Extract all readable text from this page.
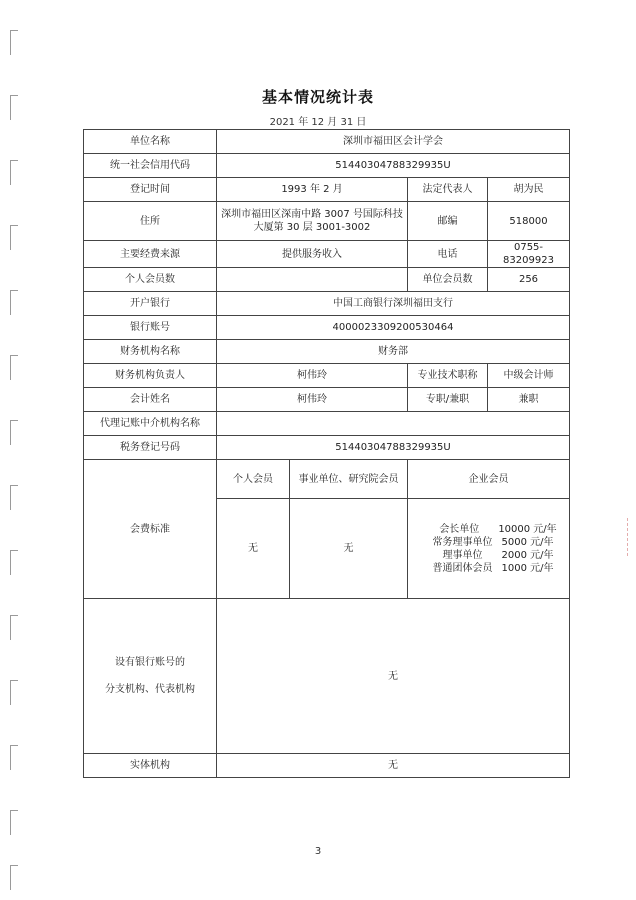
基本情况统计表
2021 年 12 月 31 日
单位名称	深圳市福田区会计学会			
统一社会信用代码	51440304788329935U			
登记时间	1993 年 2 月		法定代表人	胡为民
住所	深圳市福田区深南中路 3007 号国际科技大厦第 30 层 3001-3002		邮编	518000
主要经费来源	提供服务收入		电话	0755-83209923
个人会员数			单位会员数	256
开户银行	中国工商银行深圳福田支行			
银行账号	4000023309200530464			
财务机构名称	财务部			
财务机构负责人	柯伟玲		专业技术职称	中级会计师
会计姓名	柯伟玲		专职/兼职	兼职
代理记账中介机构名称				
税务登记号码	51440304788329935U			
会费标准	个人会员	事业单位、研究院会员	企业会员	
	无	无	会长单位 10000 元/年
常务理事单位 5000 元/年
理事单位 2000 元/年
普通团体会员 1000 元/年	

设有银行账号的
分支机构、代表机构	无			
实体机构	无			
3
